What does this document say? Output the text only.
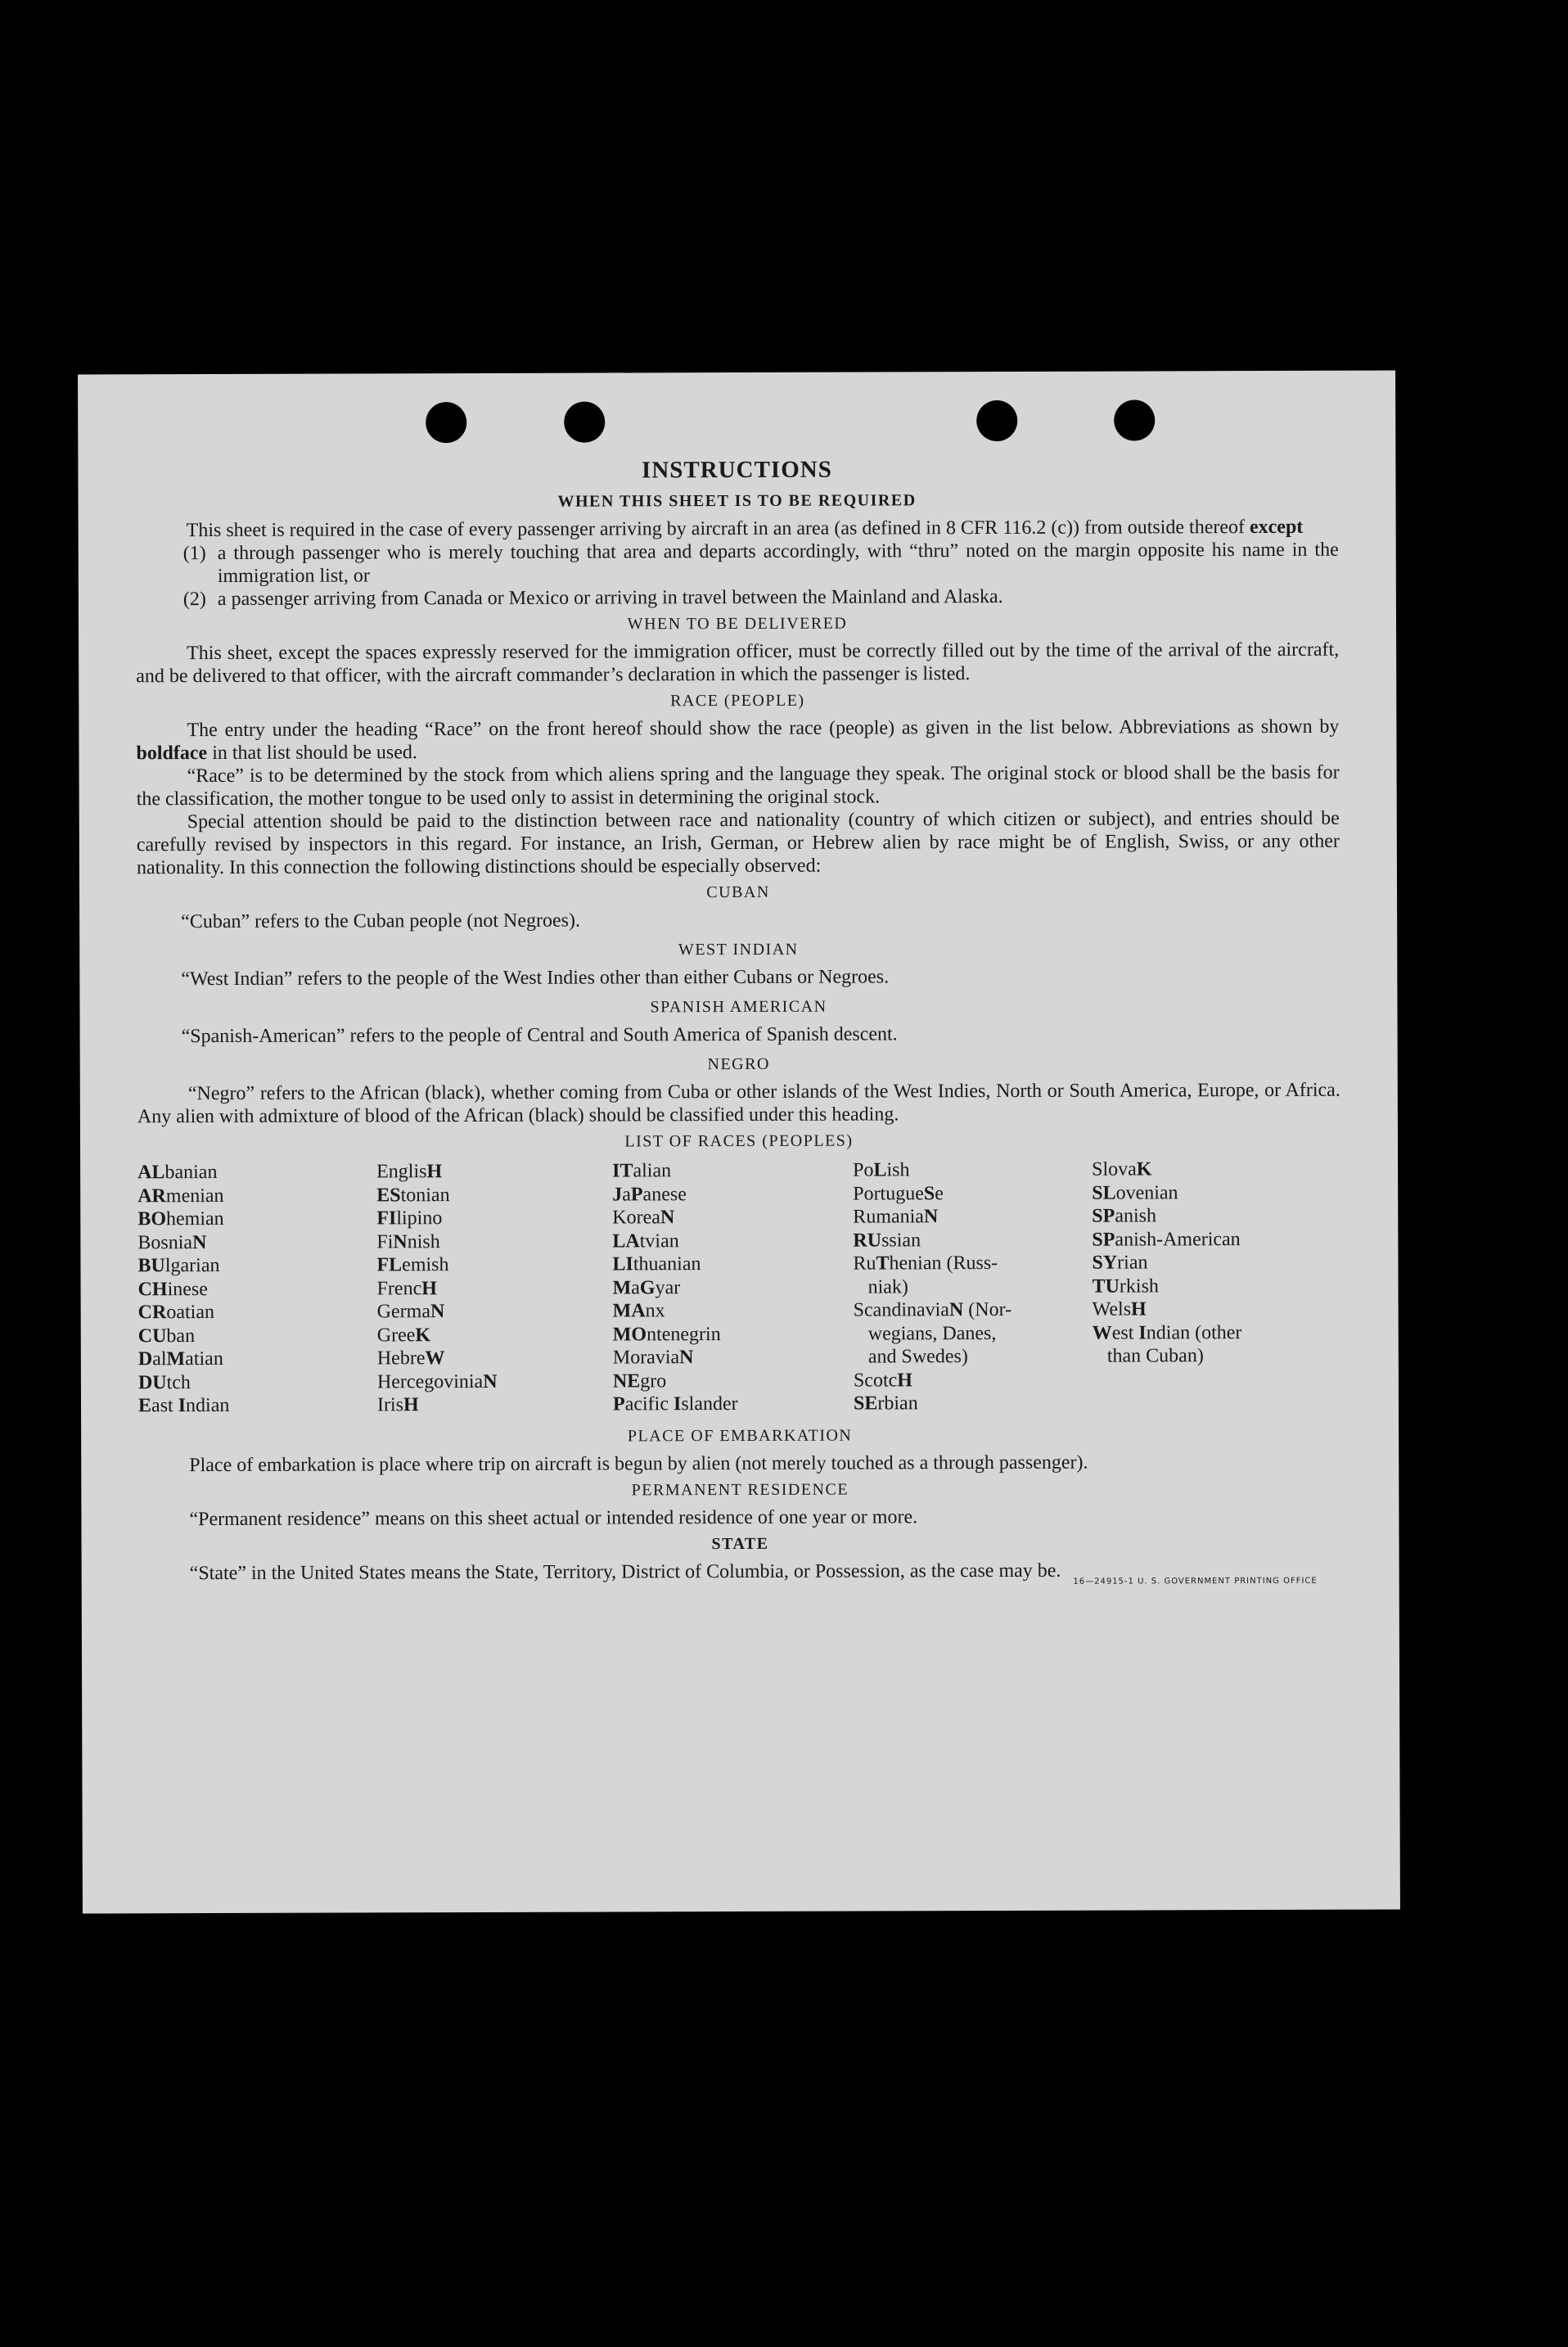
INSTRUCTIONS
WHEN THIS SHEET IS TO BE REQUIRED

This sheet is required in the case of every passenger arriving by aircraft in an area (as defined in 8 CFR 116.2 (c)) from outside thereof except

(1) a through passenger who is merely touching that area and departs accordingly, with “thru” noted on the margin opposite his name in the immigration list, or
(2) a passenger arriving from Canada or Mexico or arriving in travel between the Mainland and Alaska.
WHEN TO BE DELIVERED

This sheet, except the spaces expressly reserved for the immigration officer, must be correctly filled out by the time of the arrival of the aircraft, and be delivered to that officer, with the aircraft commander’s declaration in which the passenger is listed.

RACE (PEOPLE)

The entry under the heading “Race” on the front hereof should show the race (people) as given in the list below. Abbreviations as shown by boldface in that list should be used.

“Race” is to be determined by the stock from which aliens spring and the language they speak. The original stock or blood shall be the basis for the classification, the mother tongue to be used only to assist in determining the original stock.

Special attention should be paid to the distinction between race and nationality (country of which citizen or subject), and entries should be carefully revised by inspectors in this regard. For instance, an Irish, German, or Hebrew alien by race might be of English, Swiss, or any other nationality. In this connection the following distinctions should be especially observed:

CUBAN
“Cuban” refers to the Cuban people (not Negroes).
WEST INDIAN
“West Indian” refers to the people of the West Indies other than either Cubans or Negroes.
SPANISH AMERICAN
“Spanish-American” refers to the people of Central and South America of Spanish descent.
NEGRO

“Negro” refers to the African (black), whether coming from Cuba or other islands of the West Indies, North or South America, Europe, or Africa. Any alien with admixture of blood of the African (black) should be classified under this heading.

LIST OF RACES (PEOPLES)
ALbanian
ARmenian
BOhemian
BosniaN
BUlgarian
CHinese
CRoatian
CUban
DalMatian
DUtch
East Indian
EnglisH
EStonian
FIlipino
FiNnish
FLemish
FrencH
GermaN
GreeK
HebreW
HercegoviniaN
IrisH
ITalian
JaPanese
KoreaN
LAtvian
LIthuanian
MaGyar
MAnx
MOntenegrin
MoraviaN
NEgro
Pacific Islander
PoLish
PortugueSe
RumaniaN
RUssian
RuThenian (Russ-
niak)
ScandinaviaN (Nor-
wegians, Danes,
and Swedes)
ScotcH
SErbian
SlovaK
SLovenian
SPanish
SPanish-American
SYrian
TUrkish
WelsH
West Indian (other
than Cuban)
PLACE OF EMBARKATION

Place of embarkation is place where trip on aircraft is begun by alien (not merely touched as a through passenger).

PERMANENT RESIDENCE

“Permanent residence” means on this sheet actual or intended residence of one year or more.

STATE

“State” in the United States means the State, Territory, District of Columbia, or Possession, as the case may be.	16—24915-1 U. S. GOVERNMENT PRINTING OFFICE
